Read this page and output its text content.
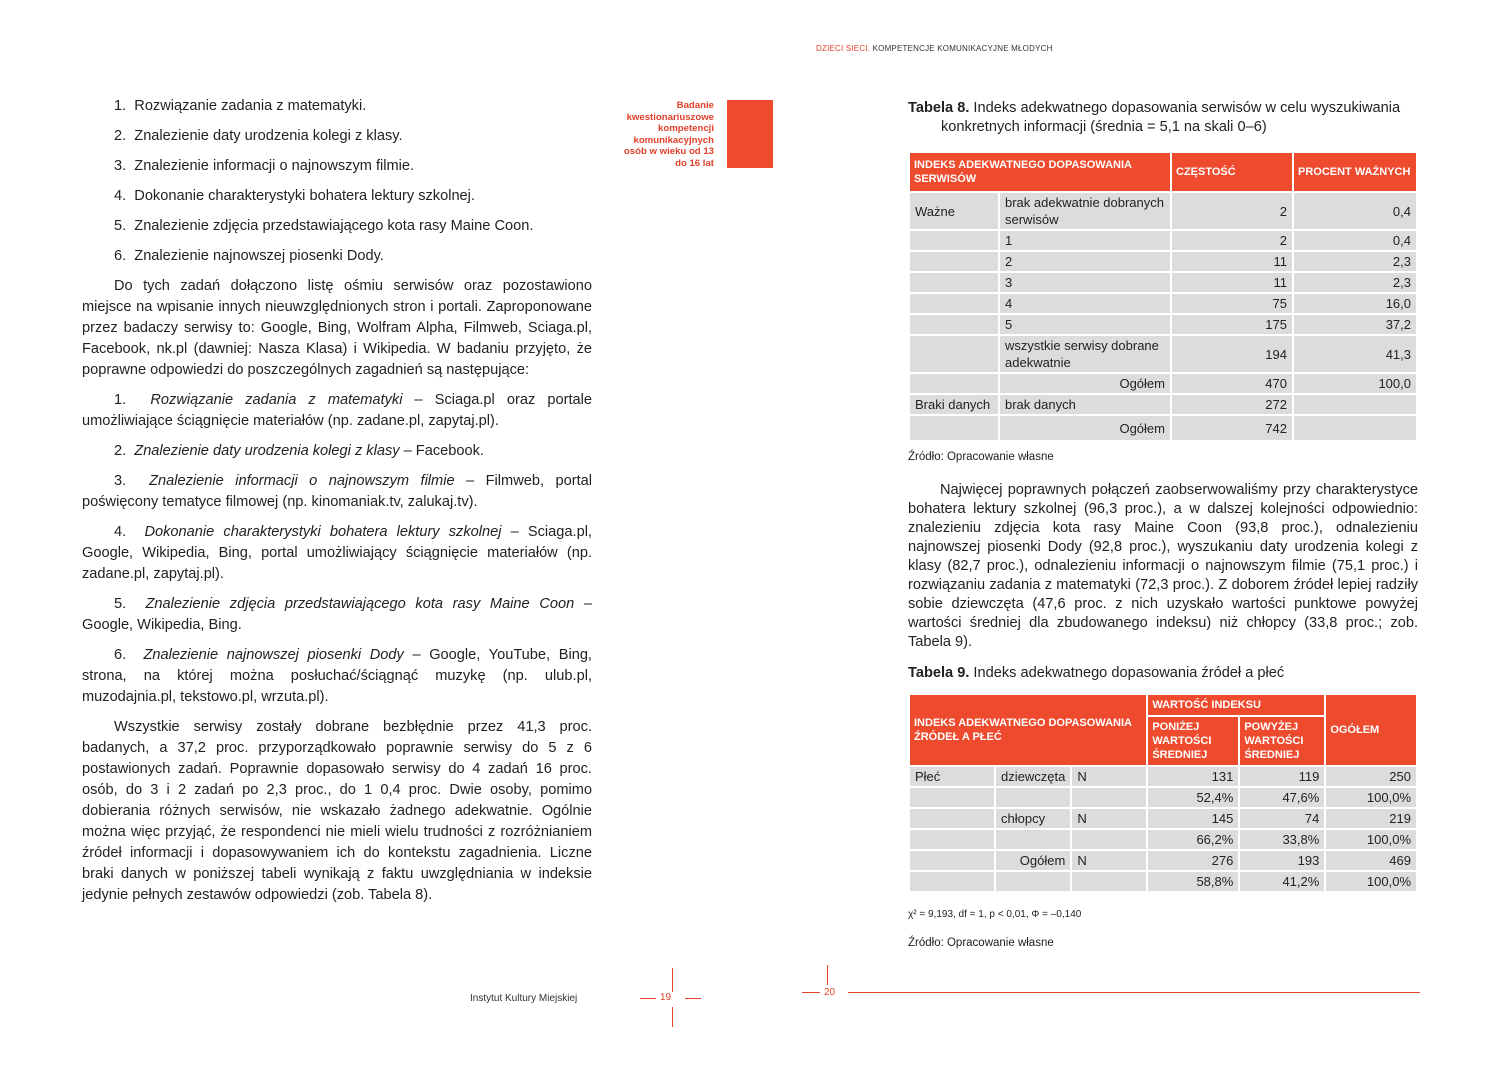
1.  Rozwiązanie zadania z matematyki.
2.  Znalezienie daty urodzenia kolegi z klasy.
3.  Znalezienie informacji o najnowszym filmie.
4.  Dokonanie charakterystyki bohatera lektury szkolnej.
5.  Znalezienie zdjęcia przedstawiającego kota rasy Maine Coon.
6.  Znalezienie najnowszej piosenki Dody.

Do tych zadań dołączono listę ośmiu serwisów oraz pozostawiono miejsce na wpisanie innych nieuwzględnionych stron i portali. Zaproponowane przez badaczy serwisy to: Google, Bing, Wolfram Alpha, Filmweb, Sciaga.pl, Facebook, nk.pl (dawniej: Nasza Klasa) i Wikipedia. W badaniu przyjęto, że poprawne odpowiedzi do poszczególnych zagadnień są następujące:

1. Rozwiązanie zadania z matematyki – Sciaga.pl oraz portale umożliwiające ściągnięcie materiałów (np. zadane.pl, zapytaj.pl).

2. Znalezienie daty urodzenia kolegi z klasy – Facebook.

3. Znalezienie informacji o najnowszym filmie – Filmweb, portal poświęcony tematyce filmowej (np. kinomaniak.tv, zalukaj.tv).

4. Dokonanie charakterystyki bohatera lektury szkolnej – Sciaga.pl, Google, Wikipedia, Bing, portal umożliwiający ściągnięcie materiałów (np. zadane.pl, zapytaj.pl).

5. Znalezienie zdjęcia przedstawiającego kota rasy Maine Coon – Google, Wikipedia, Bing.

6. Znalezienie najnowszej piosenki Dody – Google, YouTube, Bing, strona, na której można posłuchać/ściągnąć muzykę (np. ulub.pl, muzodajnia.pl, tekstowo.pl, wrzuta.pl).

Wszystkie serwisy zostały dobrane bezbłędnie przez 41,3 proc. badanych, a 37,2 proc. przyporządkowało poprawnie serwisy do 5 z 6 postawionych zadań. Poprawnie dopasowało serwisy do 4 zadań 16 proc. osób, do 3 i 2 zadań po 2,3 proc., do 1 0,4 proc. Dwie osoby, pomimo dobierania różnych serwisów, nie wskazało żadnego adekwatnie. Ogólnie można więc przyjąć, że respondenci nie mieli wielu trudności z rozróżnianiem źródeł informacji i dopasowywaniem ich do kontekstu zagadnienia. Liczne braki danych w poniższej tabeli wynikają z faktu uwzględniania w indeksie jedynie pełnych zestawów odpowiedzi (zob. Tabela 8).

Badanie kwestionariuszowe kompetencji komunikacyjnych osób w wieku od 13 do 16 lat
Instytut Kultury Miejskiej	19
DZIECI SIECI. KOMPETENCJE KOMUNIKACYJNE MŁODYCH

Tabela 8. Indeks adekwatnego dopasowania serwisów w celu wyszukiwania
konkretnych informacji (średnia = 5,1 na skali 0–6)

INDEKS ADEKWATNEGO DOPASOWANIA SERWISÓW		CZĘSTOŚĆ	PROCENT WAŻNYCH
Ważne	brak adekwatnie dobranych serwisów	2	0,4
	1	2	0,4
	2	11	2,3
	3	11	2,3
	4	75	16,0
	5	175	37,2
	wszystkie serwisy dobrane adekwatnie	194	41,3
	Ogółem	470	100,0
Braki danych	brak danych	272	
	Ogółem	742	
Źródło: Opracowanie własne

Najwięcej poprawnych połączeń zaobserwowaliśmy przy charakterystyce bohatera lektury szkolnej (96,3 proc.), a w dalszej kolejności odpowiednio: znalezieniu zdjęcia kota rasy Maine Coon (93,8 proc.), odnalezieniu najnowszej piosenki Dody (92,8 proc.), wyszukaniu daty urodzenia kolegi z klasy (82,7 proc.), odnalezieniu informacji o najnowszym filmie (75,1 proc.) i rozwiązaniu zadania z matematyki (72,3 proc.). Z doborem źródeł lepiej radziły sobie dziewczęta (47,6 proc. z nich uzyskało wartości punktowe powyżej wartości średniej dla zbudowanego indeksu) niż chłopcy (33,8 proc.; zob. Tabela 9).

Tabela 9. Indeks adekwatnego dopasowania źródeł a płeć

INDEKS ADEKWATNEGO DOPASOWANIA ŹRÓDEŁ A PŁEĆ			WARTOŚĆ INDEKSU		OGÓŁEM
			PONIŻEJ WARTOŚCI ŚREDNIEJ	POWYŻEJ WARTOŚCI ŚREDNIEJ	
Płeć	dziewczęta	N	131	119	250
			52,4%	47,6%	100,0%
	chłopcy	N	145	74	219
			66,2%	33,8%	100,0%
	Ogółem	N	276	193	469
			58,8%	41,2%	100,0%
χ² = 9,193, df = 1, p < 0,01, Φ = –0,140
Źródło: Opracowanie własne
20
